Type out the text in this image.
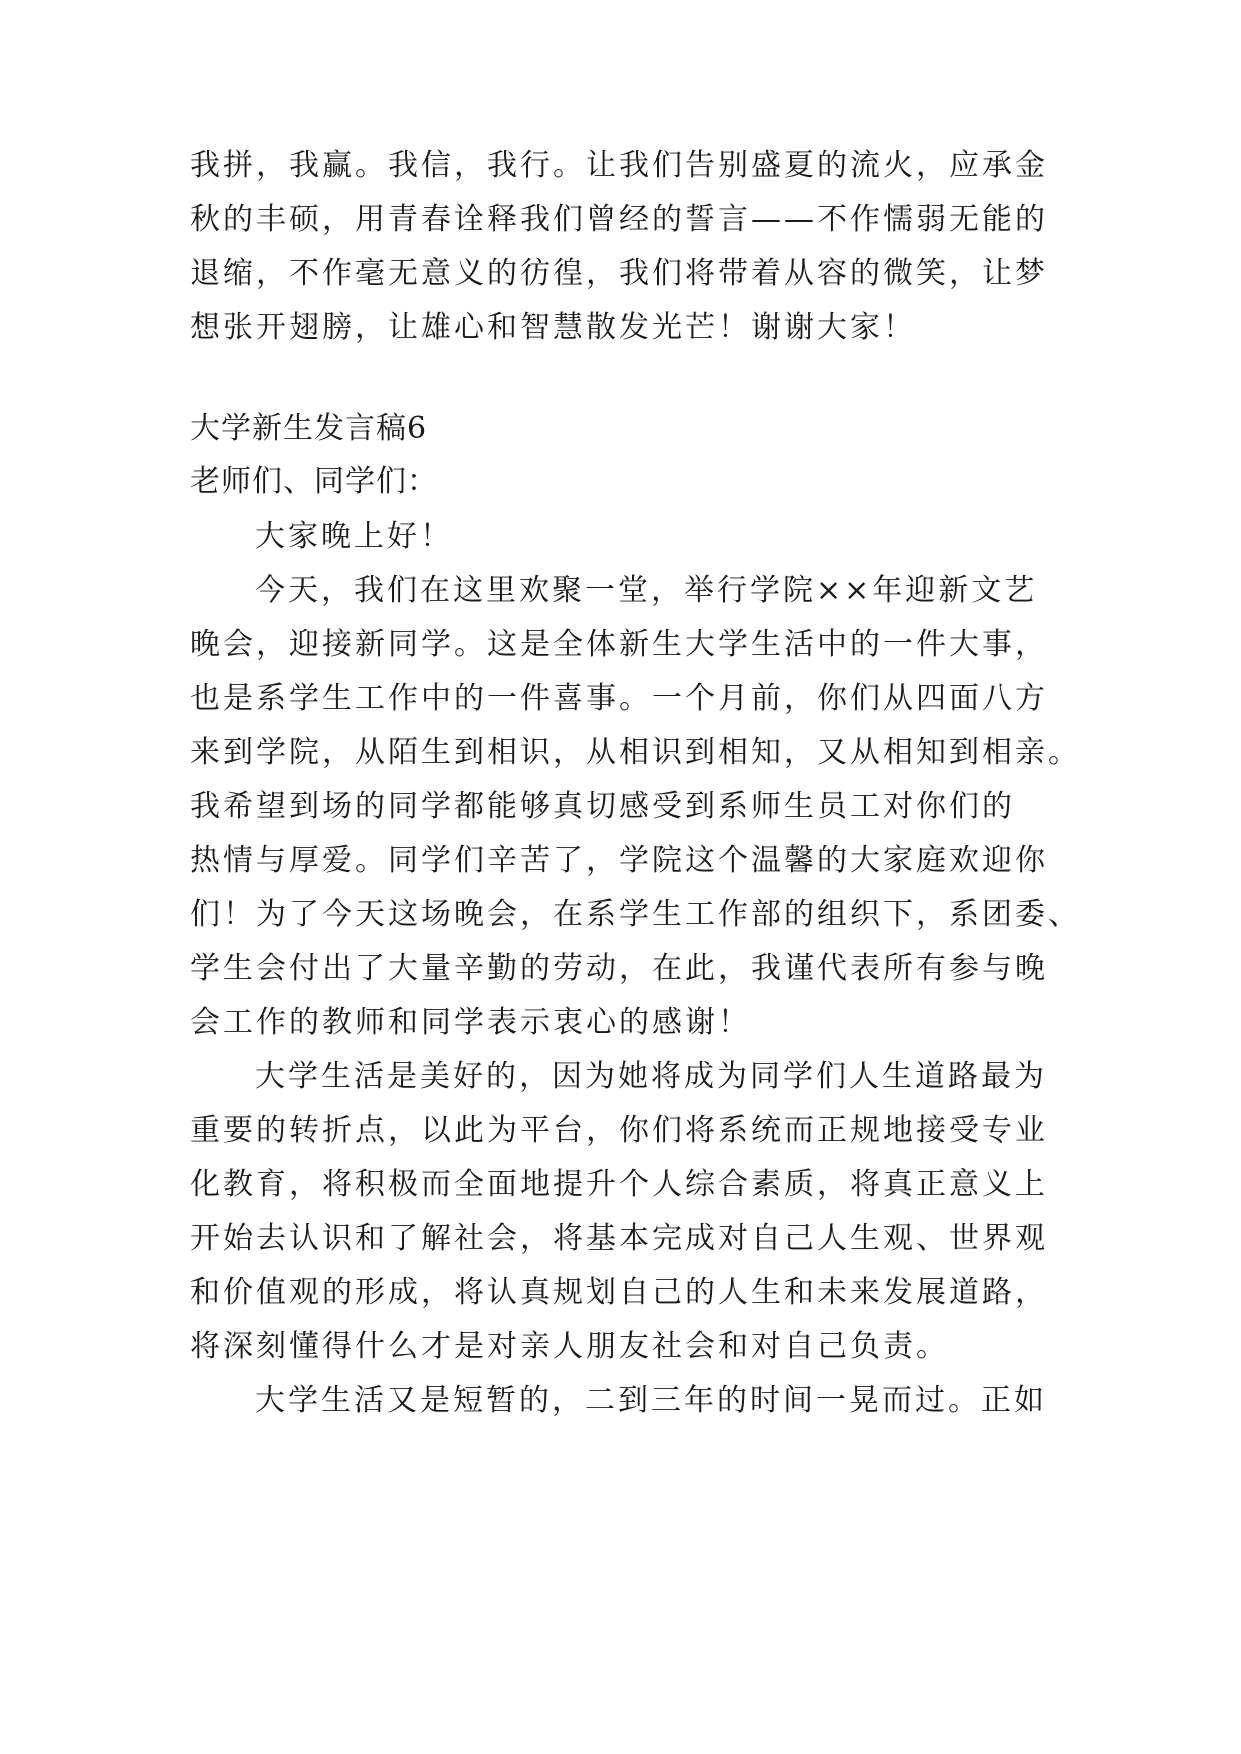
我拼，我赢。我信，我行。让我们告别盛夏的流火，应承金
秋的丰硕，用青春诠释我们曾经的誓言——不作懦弱无能的
退缩，不作毫无意义的彷徨，我们将带着从容的微笑，让梦
想张开翅膀，让雄心和智慧散发光芒！谢谢大家！
大学新生发言稿6
老师们、同学们：
大家晚上好！
今天，我们在这里欢聚一堂，举行学院××年迎新文艺
晚会，迎接新同学。这是全体新生大学生活中的一件大事，
也是系学生工作中的一件喜事。一个月前，你们从四面八方
来到学院，从陌生到相识，从相识到相知，又从相知到相亲。
我希望到场的同学都能够真切感受到系师生员工对你们的
热情与厚爱。同学们辛苦了，学院这个温馨的大家庭欢迎你
们！为了今天这场晚会，在系学生工作部的组织下，系团委、
学生会付出了大量辛勤的劳动，在此，我谨代表所有参与晚
会工作的教师和同学表示衷心的感谢！
大学生活是美好的，因为她将成为同学们人生道路最为
重要的转折点，以此为平台，你们将系统而正规地接受专业
化教育，将积极而全面地提升个人综合素质，将真正意义上
开始去认识和了解社会，将基本完成对自己人生观、世界观
和价值观的形成，将认真规划自己的人生和未来发展道路，
将深刻懂得什么才是对亲人朋友社会和对自己负责。
大学生活又是短暂的，二到三年的时间一晃而过。正如
